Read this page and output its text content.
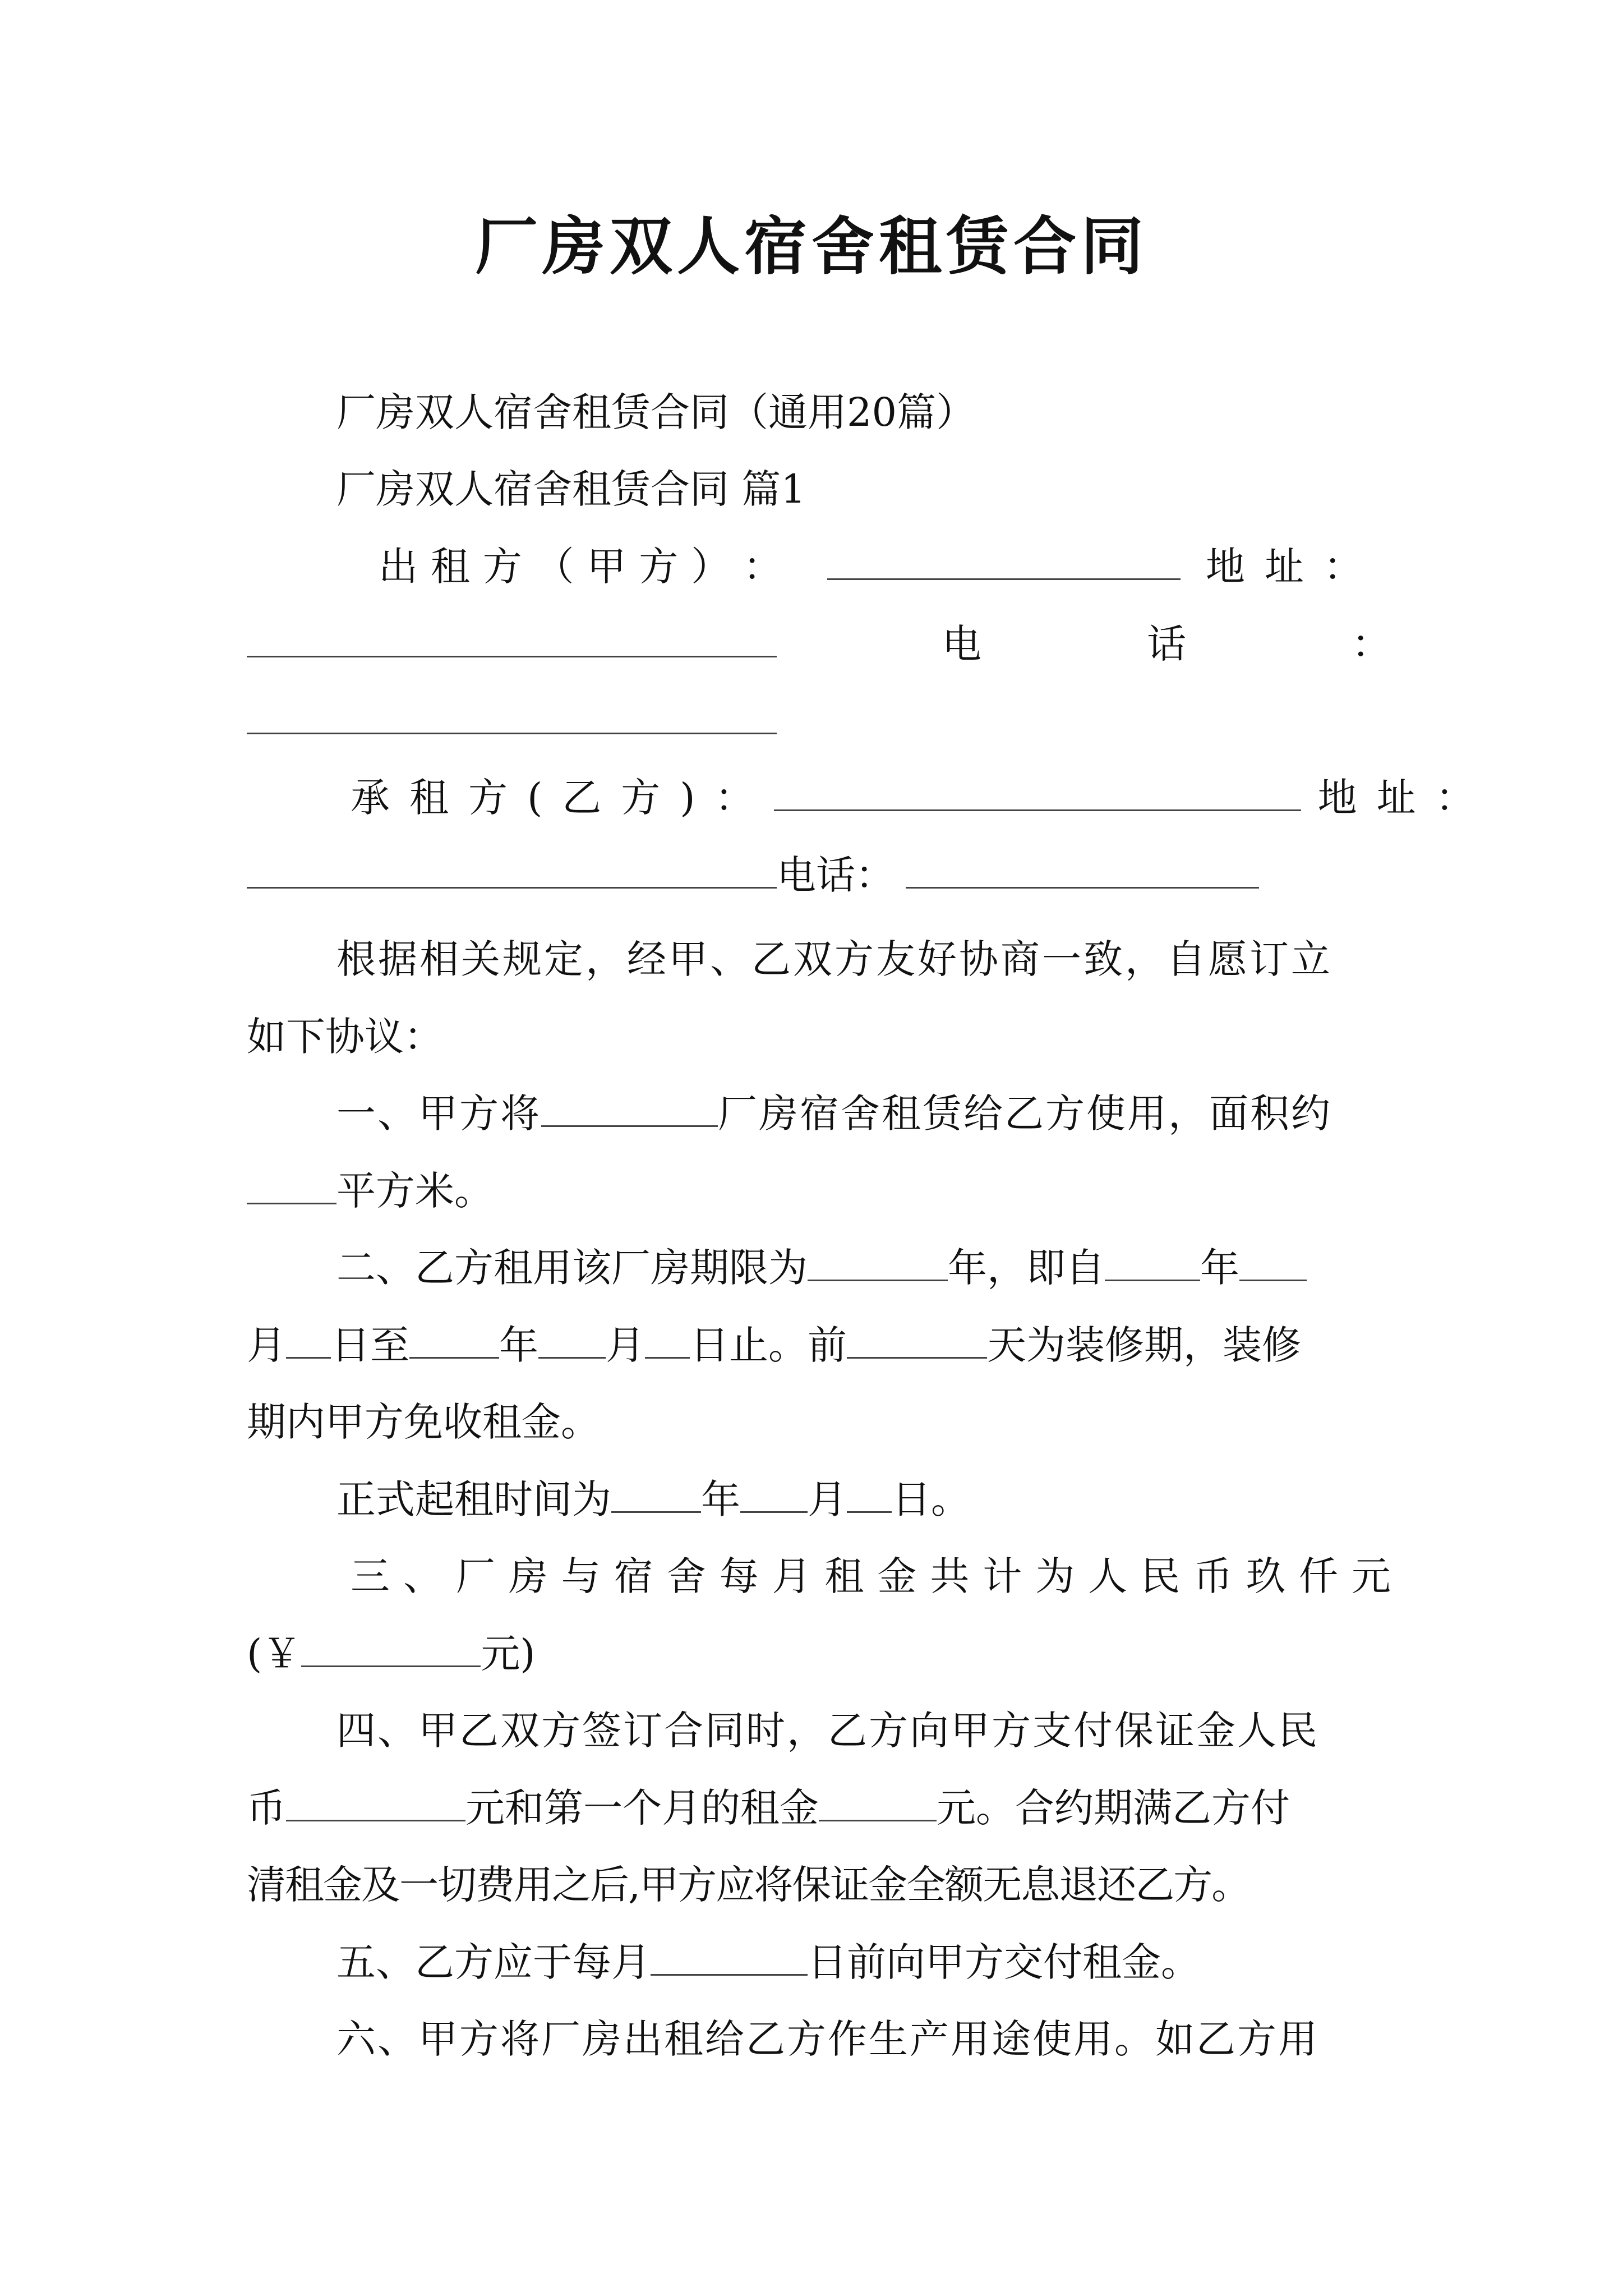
厂房双人宿舍租赁合同

厂房双人宿舍租赁合同（通用20篇）

厂房双人宿舍租赁合同 篇1

出 租 方 （ 甲 方 ） ：	地址：
电	话	：
承租方(乙方)：	地址：
电话：

根据相关规定，经甲、乙双方友好协商一致，自愿订立

如下协议：

一、甲方将	厂房宿舍租赁给乙方使用，面积约
平方米。
二、乙方租用该厂房期限为	年，即自 年
月 日至 年 月 日止。前	天为装修期，装修

期内甲方免收租金。

正式起租时间为 年 月 日。
三 、 厂 房 与 宿 舍 每 月 租 金 共 计 为 人 民 币 玖 仟 元
(￥	元)

四、甲乙双方签订合同时，乙方向甲方支付保证金人民

币	元和第一个月的租金	元。合约期满乙方付

清租金及一切费用之后,甲方应将保证金全额无息退还乙方。

五、乙方应于每月	日前向甲方交付租金。

六、甲方将厂房出租给乙方作生产用途使用。如乙方用
